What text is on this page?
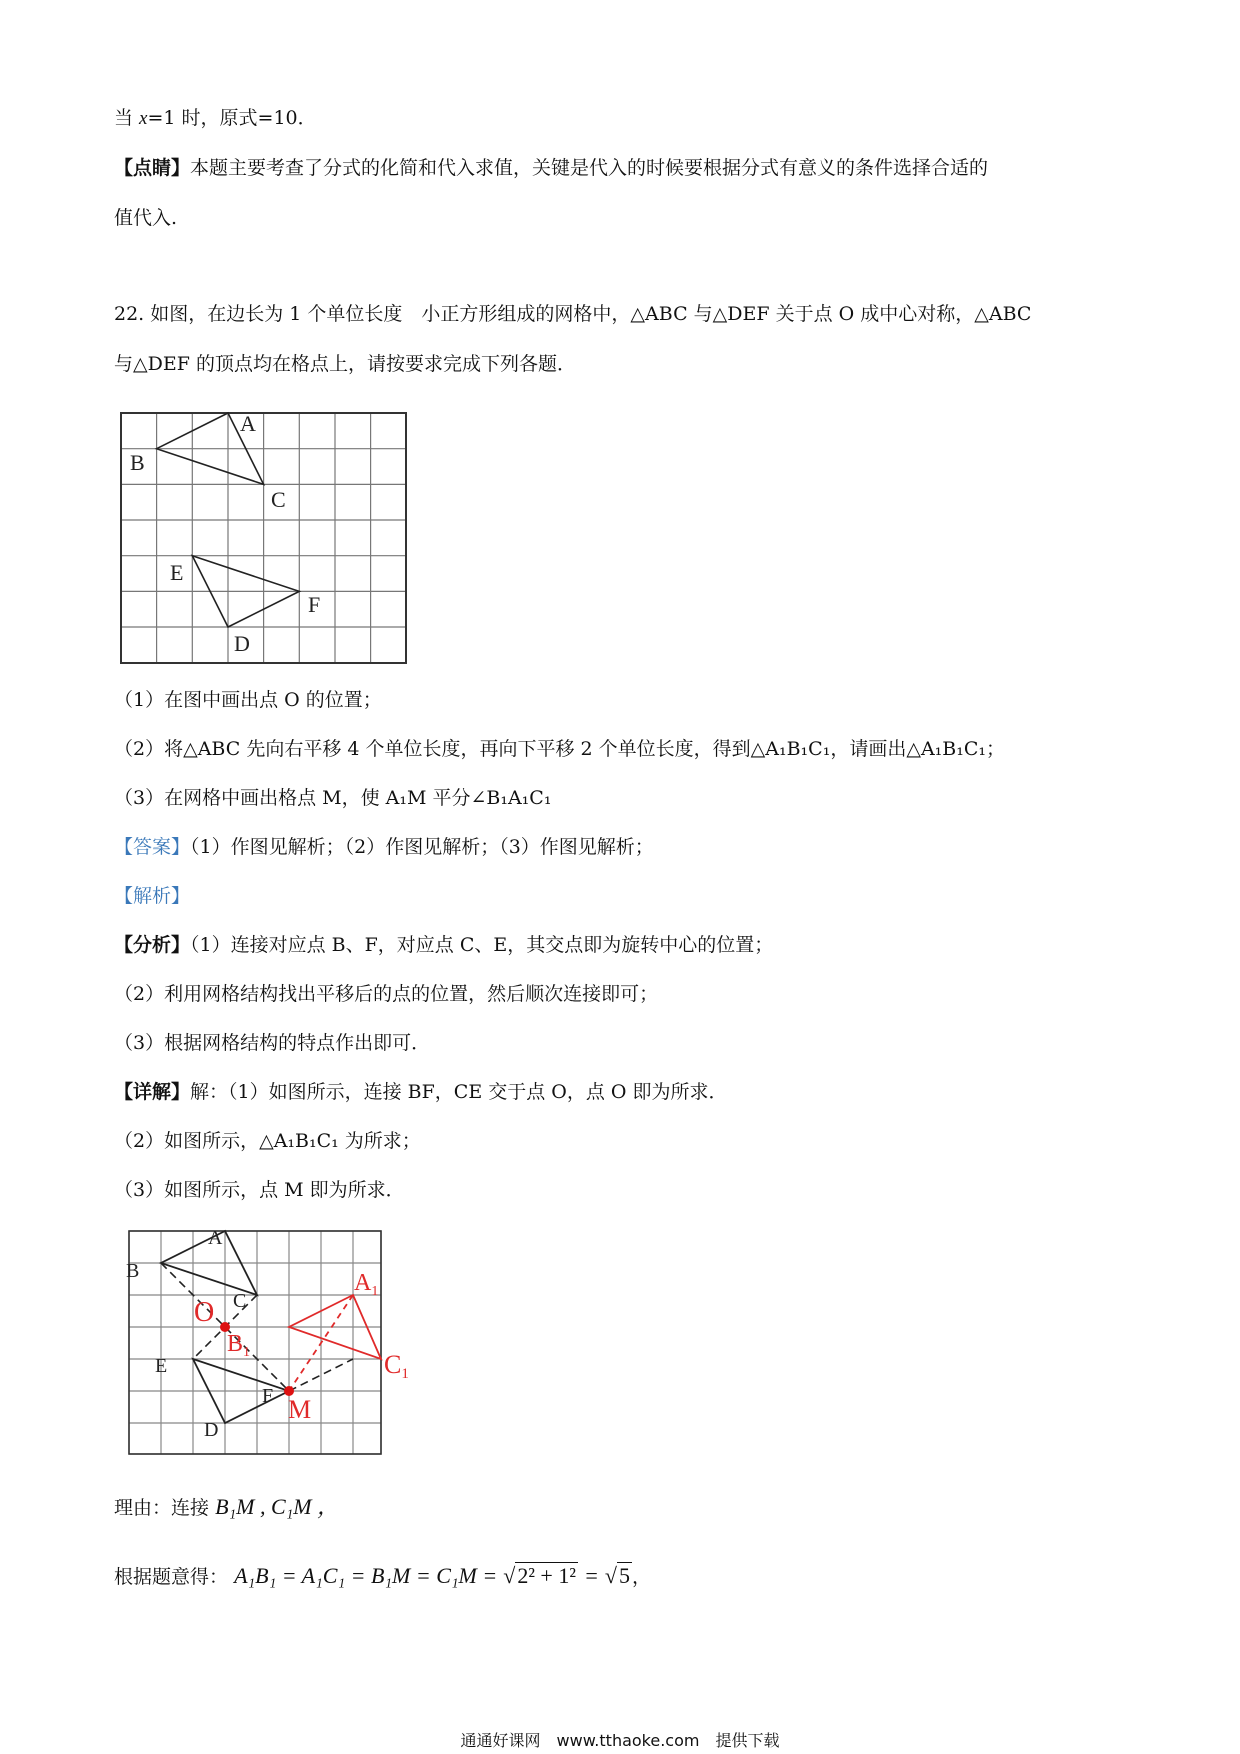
当 x=1 时，原式=10．
【点睛】本题主要考查了分式的化简和代入求值，关键是代入的时候要根据分式有意义的条件选择合适的
值代入.
22. 如图，在边长为 1 个单位长度　小正方形组成的网格中，△ABC 与△DEF 关于点 O 成中心对称，△ABC
与△DEF 的顶点均在格点上，请按要求完成下列各题．
A
B
C
E
F
D
（1）在图中画出点 O 的位置；
（2）将△ABC 先向右平移 4 个单位长度，再向下平移 2 个单位长度，得到△A₁B₁C₁，请画出△A₁B₁C₁；
（3）在网格中画出格点 M，使 A₁M 平分∠B₁A₁C₁
【答案】（1）作图见解析；（2）作图见解析；（3）作图见解析；
【解析】
【分析】（1）连接对应点 B、F，对应点 C、E，其交点即为旋转中心的位置；
（2）利用网格结构找出平移后的点的位置，然后顺次连接即可；
（3）根据网格结构的特点作出即可．
【详解】解：（1）如图所示，连接 BF，CE 交于点 O，点 O 即为所求．
（2）如图所示，△A₁B₁C₁ 为所求；
（3）如图所示，点 M 即为所求．
A
B
C
E
F
D
O
$B_1$
$A_1$
C1
M
理由：连接 B₁M , C₁M ，
根据题意得： A₁B₁ = A₁C₁ = B₁M = C₁M = √2² + 1² = √5 ，
通通好课网　www.tthaoke.com　提供下载
